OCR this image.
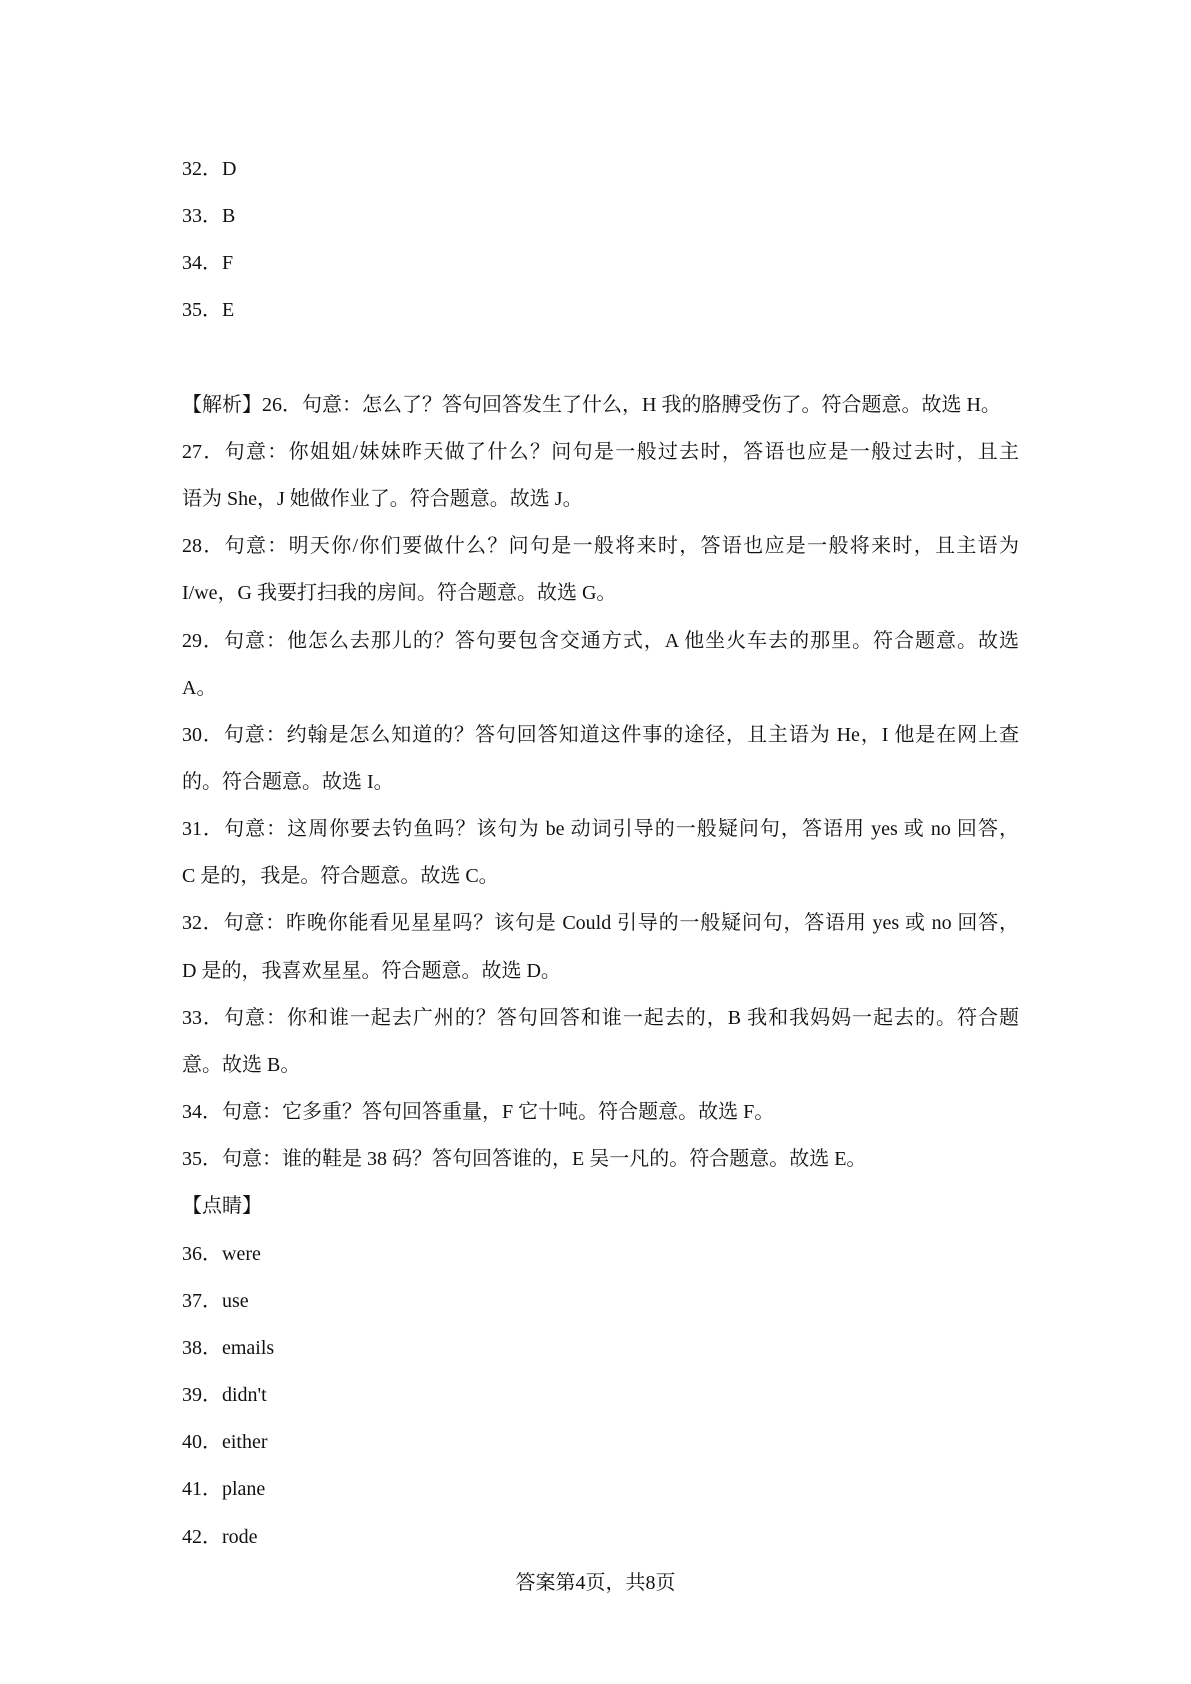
32．D
33．B
34．F
35．E
【解析】26．句意：怎么了？答句回答发生了什么，H 我的胳膊受伤了。符合题意。故选 H。
27．句意：你姐姐/妹妹昨天做了什么？问句是一般过去时，答语也应是一般过去时，且主
语为 She，J 她做作业了。符合题意。故选 J。
28．句意：明天你/你们要做什么？问句是一般将来时，答语也应是一般将来时，且主语为
I/we，G 我要打扫我的房间。符合题意。故选 G。
29．句意：他怎么去那儿的？答句要包含交通方式，A 他坐火车去的那里。符合题意。故选
A。
30．句意：约翰是怎么知道的？答句回答知道这件事的途径，且主语为 He，I 他是在网上查
的。符合题意。故选 I。
31．句意：这周你要去钓鱼吗？该句为 be 动词引导的一般疑问句，答语用 yes 或 no 回答，
C 是的，我是。符合题意。故选 C。
32．句意：昨晚你能看见星星吗？该句是 Could 引导的一般疑问句，答语用 yes 或 no 回答，
D 是的，我喜欢星星。符合题意。故选 D。
33．句意：你和谁一起去广州的？答句回答和谁一起去的，B 我和我妈妈一起去的。符合题
意。故选 B。
34．句意：它多重？答句回答重量，F 它十吨。符合题意。故选 F。
35．句意：谁的鞋是 38 码？答句回答谁的，E 吴一凡的。符合题意。故选 E。
【点睛】
36．were
37．use
38．emails
39．didn't
40．either
41．plane
42．rode
答案第4页，共8页
